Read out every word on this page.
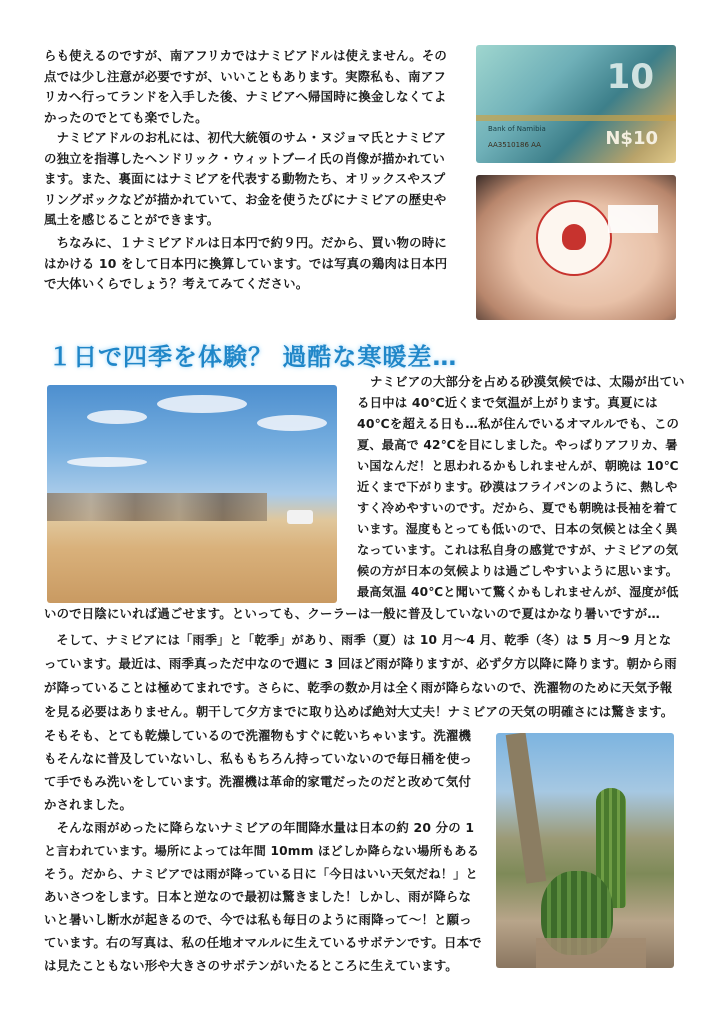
10
Bank of Namibia
AA3510186 AA	N$10
らも使えるのですが、南アフリカではナミビアドルは使えません。その
点では少し注意が必要ですが、いいこともあります。実際私も、南アフ
リカへ行ってランドを入手した後、ナミビアへ帰国時に換金しなくてよ
かったのでとても楽でした。
　ナミビアドルのお札には、初代大統領のサム・ヌジョマ氏とナミビア
の独立を指導したヘンドリック・ウィットブーイ氏の肖像が描かれてい
ます。また、裏面にはナミビアを代表する動物たち、オリックスやスプ
リングボックなどが描かれていて、お金を使うたびにナミビアの歴史や
風土を感じることができます。
　ちなみに、１ナミビアドルは日本円で約９円。だから、買い物の時に
はかける 10 をして日本円に換算しています。では写真の鶏肉は日本円
で大体いくらでしょう？考えてみてください。
１日で四季を体験？ 過酷な寒暖差…
ナミビアの大部分を占める砂漠気候では、太陽が出てい
る日中は 40℃近くまで気温が上がります。真夏には
40℃を超える日も…私が住んでいるオマルルでも、この
夏、最高で 42℃を目にしました。やっぱりアフリカ、暑
い国なんだ！と思われるかもしれませんが、朝晩は 10℃
近くまで下がります。砂漠はフライパンのように、熱しや
すく冷めやすいのです。だから、夏でも朝晩は長袖を着て
います。湿度もとっても低いので、日本の気候とは全く異
なっています。これは私自身の感覚ですが、ナミビアの気
候の方が日本の気候よりは過ごしやすいように思います。
最高気温 40℃と聞いて驚くかもしれませんが、湿度が低
いので日陰にいれば過ごせます。といっても、クーラーは一般に普及していないので夏はかなり暑いですが…
　そして、ナミビアには「雨季」と「乾季」があり、雨季（夏）は 10 月～4 月、乾季（冬）は 5 月～9 月とな
っています。最近は、雨季真っただ中なので週に 3 回ほど雨が降りますが、必ず夕方以降に降ります。朝から雨
が降っていることは極めてまれです。さらに、乾季の数か月は全く雨が降らないので、洗濯物のために天気予報
を見る必要はありません。朝干して夕方までに取り込めば絶対大丈夫！ナミビアの天気の明確さには驚きます。
そもそも、とても乾燥しているので洗濯物もすぐに乾いちゃいます。洗濯機
もそんなに普及していないし、私ももちろん持っていないので毎日桶を使っ
て手でもみ洗いをしています。洗濯機は革命的家電だったのだと改めて気付
かされました。
　そんな雨がめったに降らないナミビアの年間降水量は日本の約 20 分の 1
と言われています。場所によっては年間 10mm ほどしか降らない場所もある
そう。だから、ナミビアでは雨が降っている日に「今日はいい天気だね！」と
あいさつをします。日本と逆なので最初は驚きました！しかし、雨が降らな
いと暑いし断水が起きるので、今では私も毎日のように雨降って～！と願っ
ています。右の写真は、私の任地オマルルに生えているサボテンです。日本で
は見たこともない形や大きさのサボテンがいたるところに生えています。
